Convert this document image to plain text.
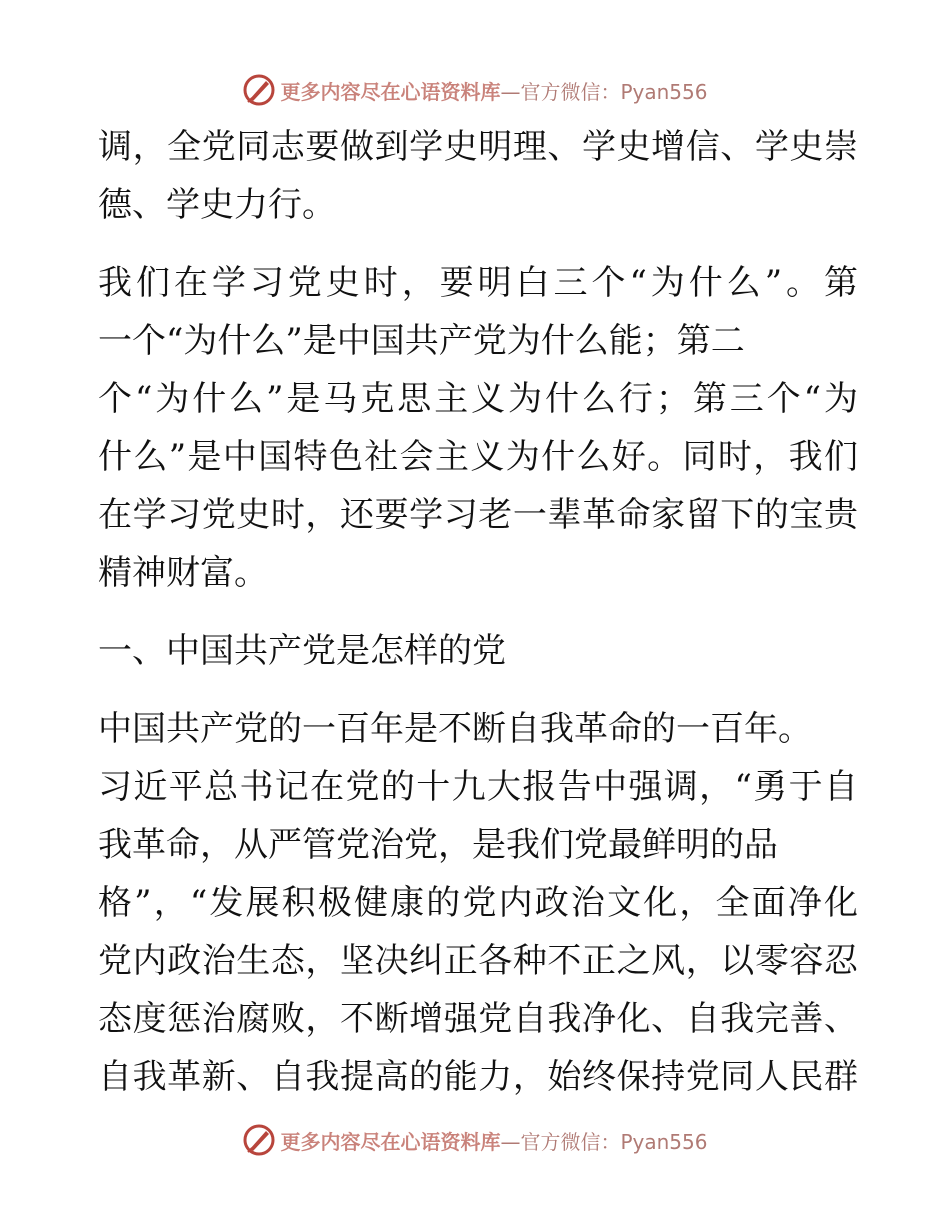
更多内容尽在心语资料库 —官方微信：Pyan556
调，全党同志要做到学史明理、学史增信、学史崇
德、学史力行。
我们在学习党史时，要明白三个“为什么”。第
一个“为什么”是中国共产党为什么能；第二
个“为什么”是马克思主义为什么行；第三个“为
什么”是中国特色社会主义为什么好。同时，我们
在学习党史时，还要学习老一辈革命家留下的宝贵
精神财富。
一、中国共产党是怎样的党
中国共产党的一百年是不断自我革命的一百年。
习近平总书记在党的十九大报告中强调，“勇于自
我革命，从严管党治党，是我们党最鲜明的品
格”，“发展积极健康的党内政治文化，全面净化
党内政治生态，坚决纠正各种不正之风，以零容忍
态度惩治腐败，不断增强党自我净化、自我完善、
自我革新、自我提高的能力，始终保持党同人民群
更多内容尽在心语资料库 —官方微信：Pyan556
